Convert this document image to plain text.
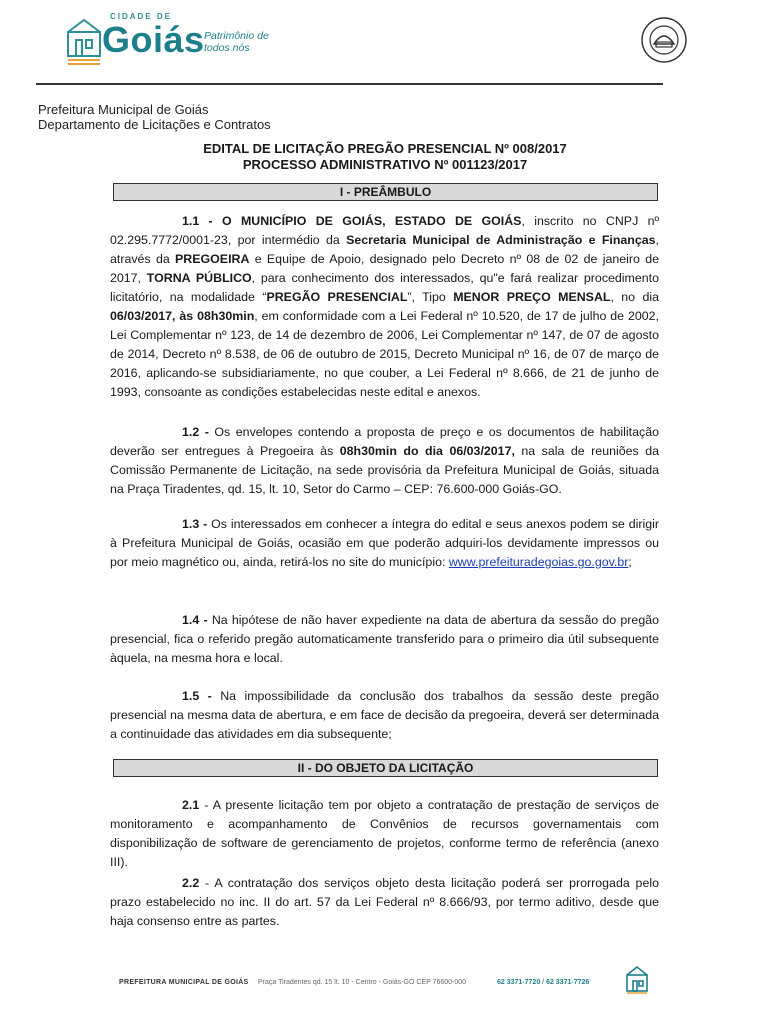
CIDADE DE
Goiás Patrimônio de todos nós
Prefeitura Municipal de Goiás
Departamento de Licitações e Contratos
EDITAL DE LICITAÇÃO PREGÃO PRESENCIAL Nº 008/2017
PROCESSO ADMINISTRATIVO Nº 001123/2017
I - PREÂMBULO

1.1 - O MUNICÍPIO DE GOIÁS, ESTADO DE GOIÁS, inscrito no CNPJ nº 02.295.7772/0001-23, por intermédio da Secretaria Municipal de Administração e Finanças, através da PREGOEIRA e Equipe de Apoio, designado pelo Decreto nº 08 de 02 de janeiro de 2017, TORNA PÚBLICO, para conhecimento dos interessados, qu"e fará realizar procedimento licitatório, na modalidade “PREGÃO PRESENCIAL”, Tipo MENOR PREÇO MENSAL, no dia 06/03/2017, às 08h30min, em conformidade com a Lei Federal nº 10.520, de 17 de julho de 2002, Lei Complementar nº 123, de 14 de dezembro de 2006, Lei Complementar nº 147, de 07 de agosto de 2014, Decreto nº 8.538, de 06 de outubro de 2015, Decreto Municipal nº 16, de 07 de março de 2016, aplicando-se subsidiariamente, no que couber, a Lei Federal nº 8.666, de 21 de junho de 1993, consoante as condições estabelecidas neste edital e anexos.

1.2 - Os envelopes contendo a proposta de preço e os documentos de habilitação deverão ser entregues à Pregoeira às 08h30min do dia 06/03/2017, na sala de reuniões da Comissão Permanente de Licitação, na sede provisória da Prefeitura Municipal de Goiás, situada na Praça Tiradentes, qd. 15, lt. 10, Setor do Carmo – CEP: 76.600-000 Goiás-GO.

1.3 - Os interessados em conhecer a íntegra do edital e seus anexos podem se dirigir à Prefeitura Municipal de Goiás, ocasião em que poderão adquiri-los devidamente impressos ou por meio magnético ou, ainda, retirá-los no site do município: www.prefeituradegoias.go.gov.br;

1.4 - Na hipótese de não haver expediente na data de abertura da sessão do pregão presencial, fica o referido pregão automaticamente transferido para o primeiro dia útil subsequente àquela, na mesma hora e local.

1.5 - Na impossibilidade da conclusão dos trabalhos da sessão deste pregão presencial na mesma data de abertura, e em face de decisão da pregoeira, deverá ser determinada a continuidade das atividades em dia subsequente;

II - DO OBJETO DA LICITAÇÃO

2.1 - A presente licitação tem por objeto a contratação de prestação de serviços de monitoramento e acompanhamento de Convênios de recursos governamentais com disponibilização de software de gerenciamento de projetos, conforme termo de referência (anexo III).

2.2 - A contratação dos serviços objeto desta licitação poderá ser prorrogada pelo prazo estabelecido no inc. II do art. 57 da Lei Federal nº 8.666/93, por termo aditivo, desde que haja consenso entre as partes.

PREFEITURA MUNICIPAL DE GOIÁS Praça Tiradentes qd. 15 lt. 10 - Centro - Goiás-GO CEP 76600-000	62 3371-7720 / 62 3371-7726
